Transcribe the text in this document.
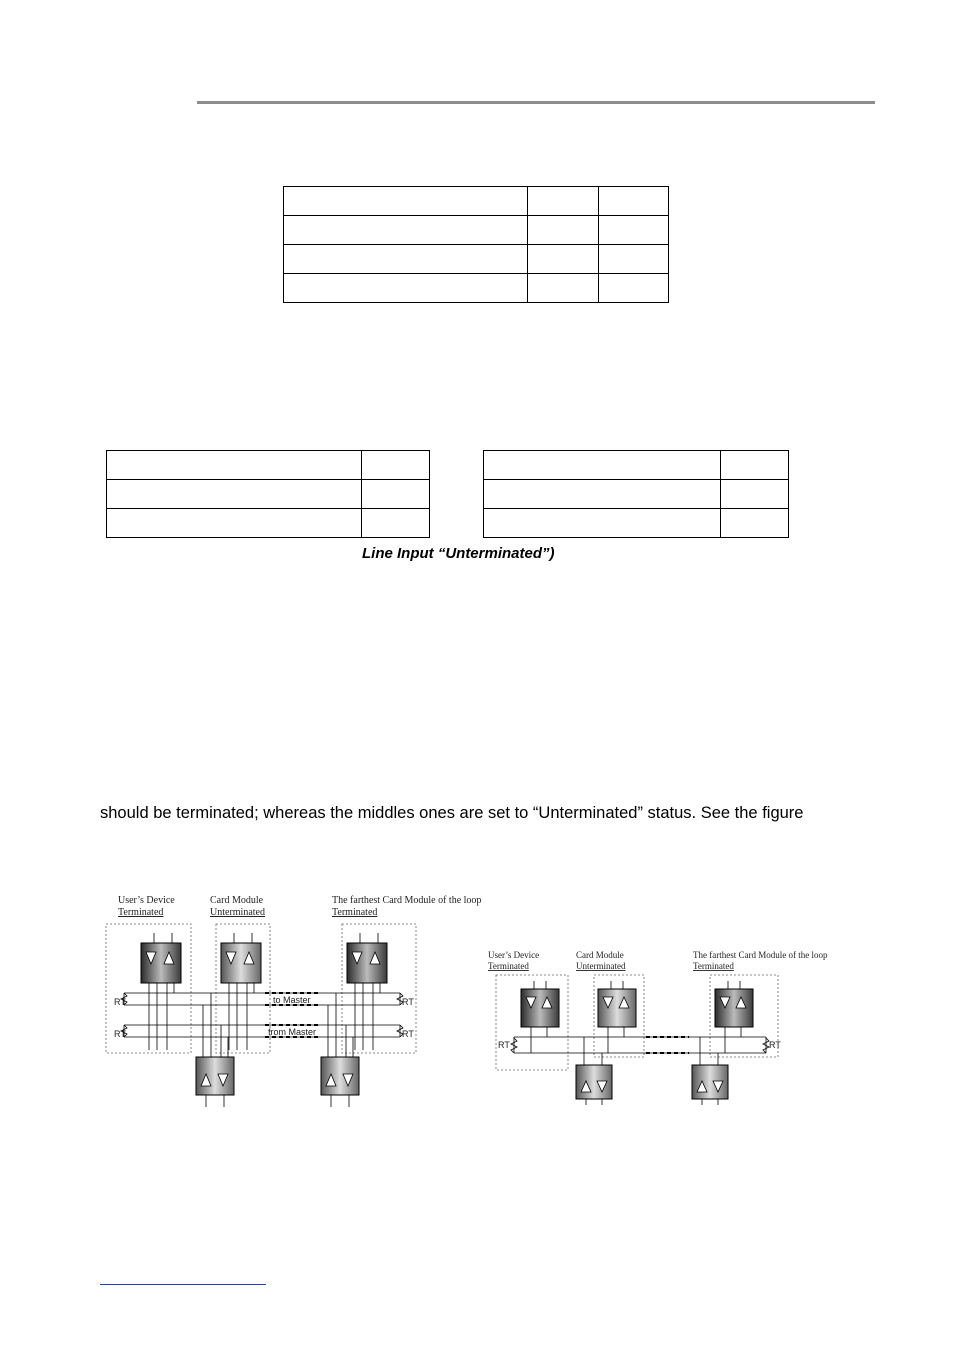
Line Input “Unterminated”)
should be terminated; whereas the middles ones are set to “Unterminated” status. See the figure
User’s Device
Terminated
Card Module
Unterminated
The farthest Card Module of the loop
Terminated
RT
RT
RT
RT
to Master
from Master
User’s Device
Terminated
Card Module
Unterminated
The farthest Card Module of the loop
Terminated
RT	RT
